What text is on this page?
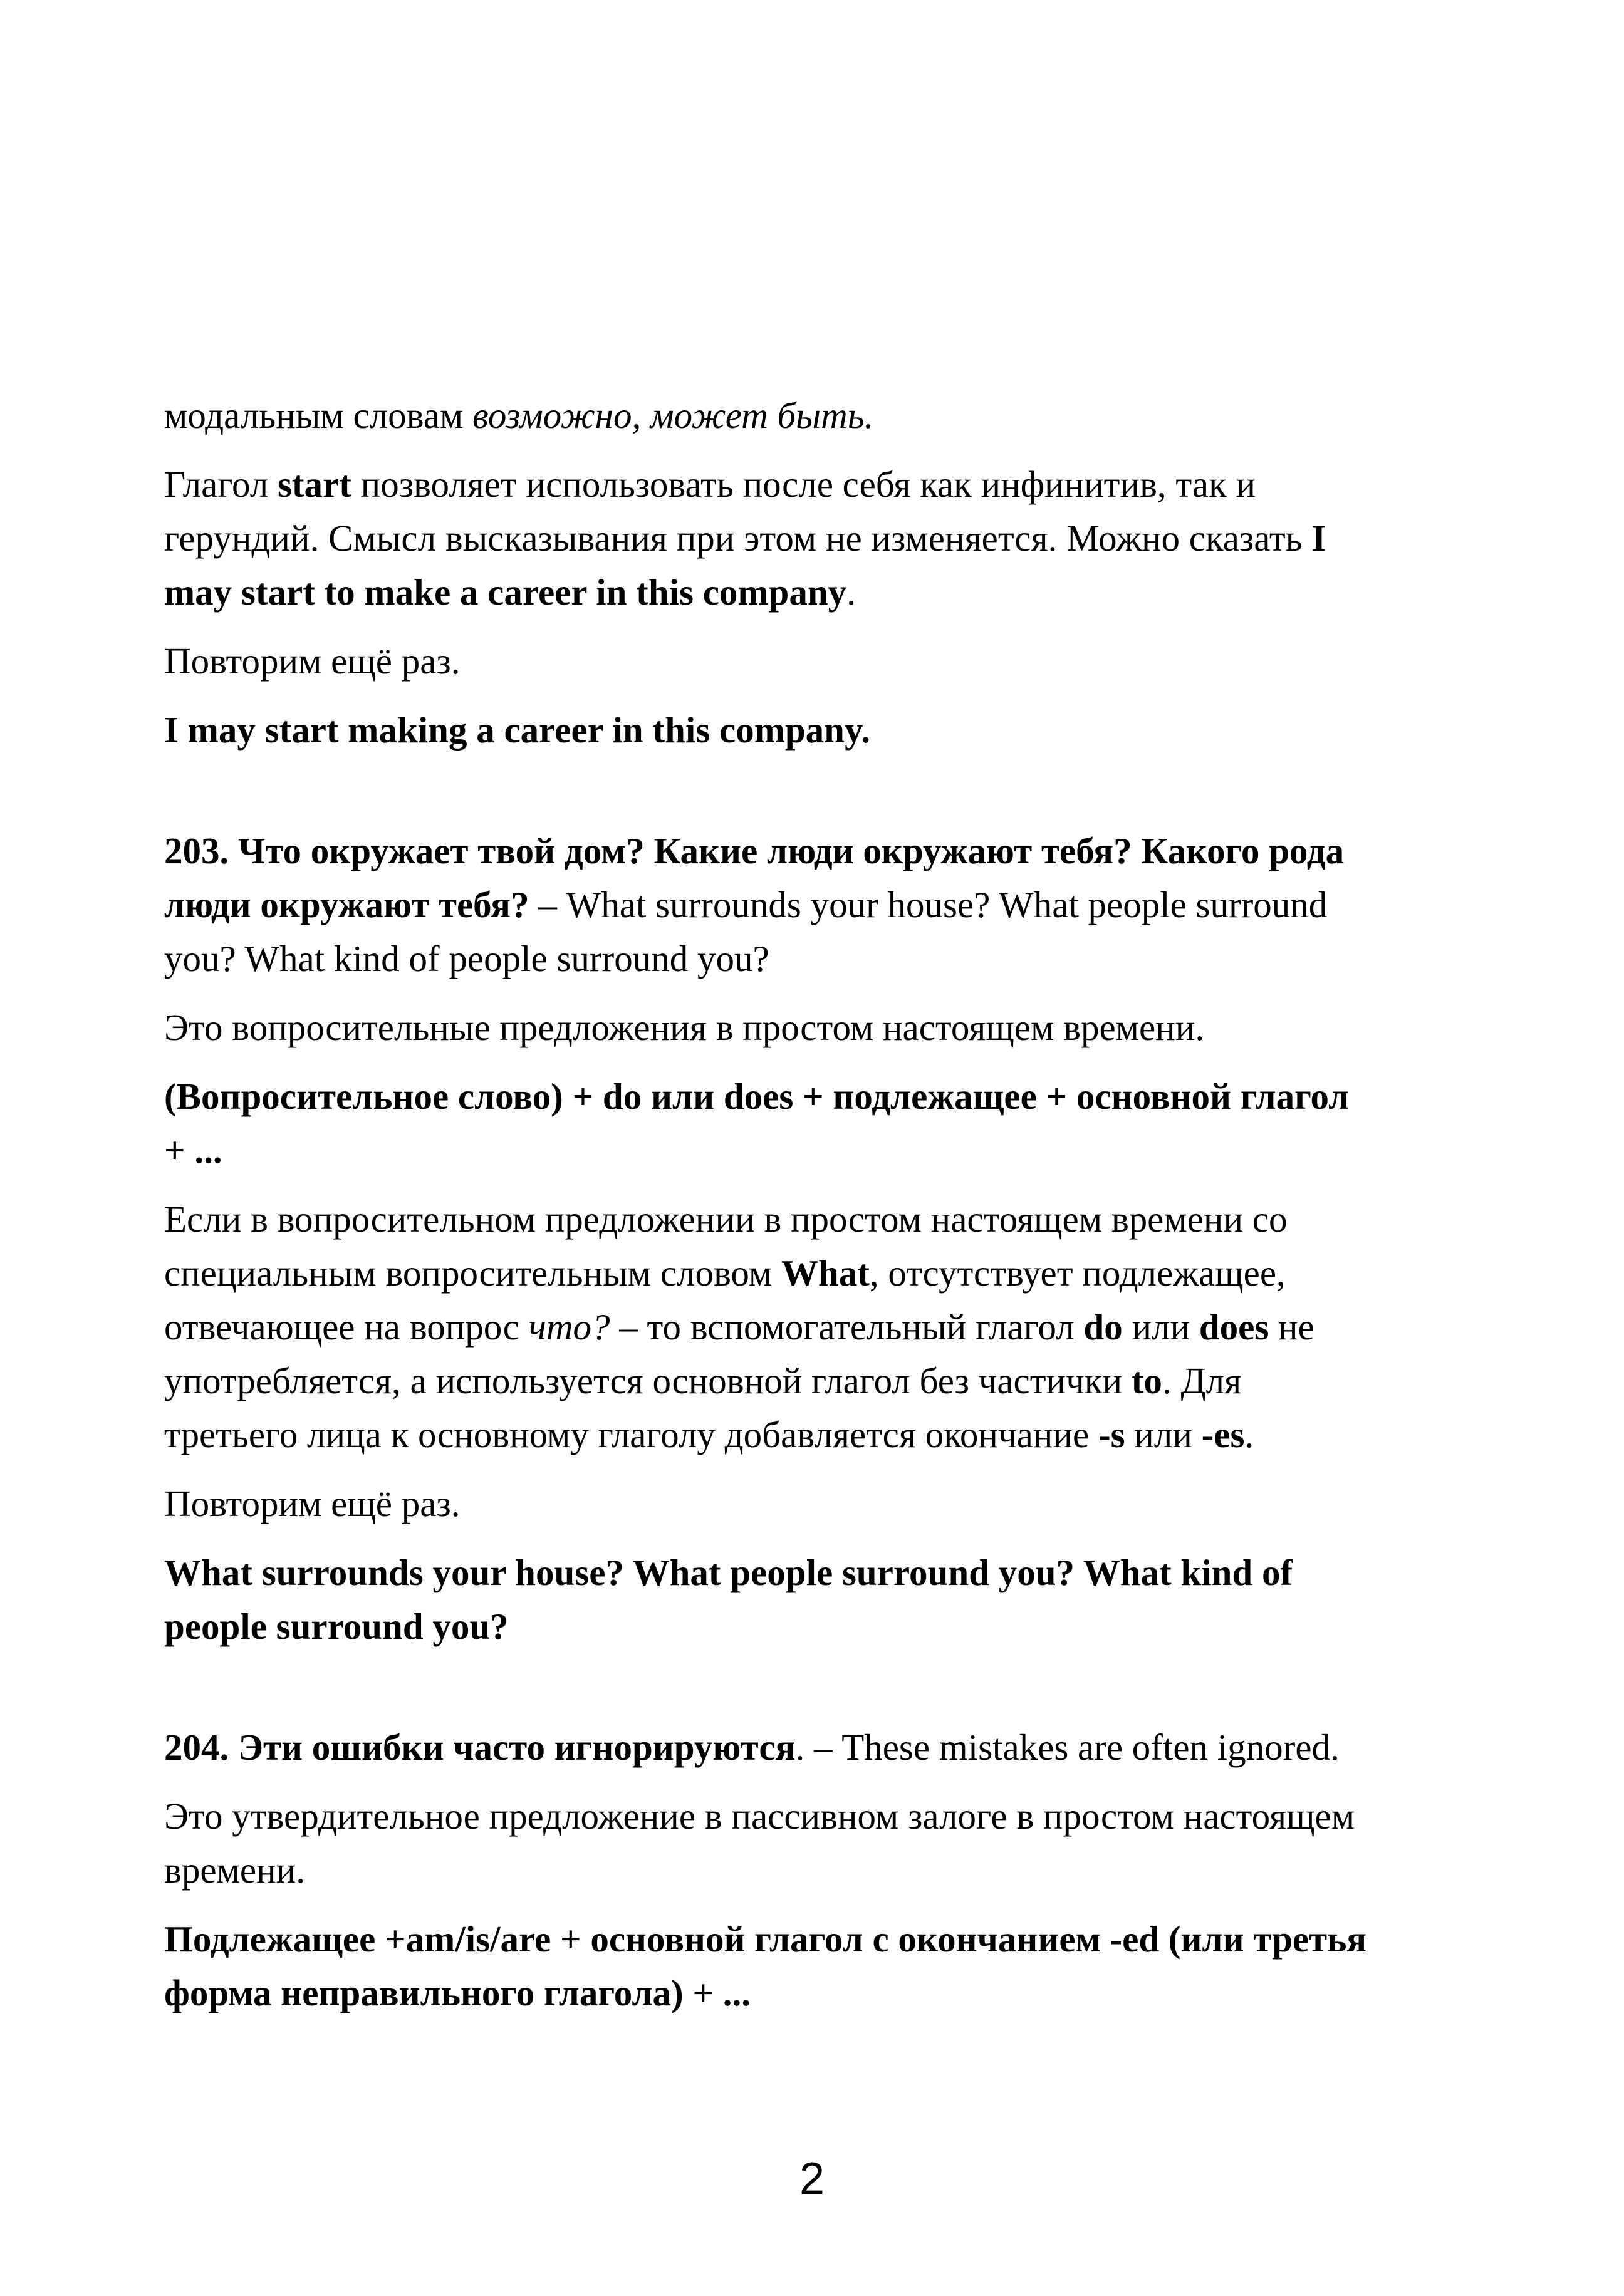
модальным словам возможно, может быть.

Глагол start позволяет использовать после себя как инфинитив, так и герундий. Смысл высказывания при этом не изменяется. Можно сказать I may start to make a career in this company.

Повторим ещё раз.

I may start making a career in this company.

203. Что окружает твой дом? Какие люди окружают тебя? Какого рода люди окружают тебя? – What surrounds your house? What people surround you? What kind of people surround you?

Это вопросительные предложения в простом настоящем времени.

(Вопросительное слово) + do или does + подлежащее + основной глагол + ...

Если в вопросительном предложении в простом настоящем времени со специальным вопросительным словом What, отсутствует подлежащее, отвечающее на вопрос что? – то вспомогательный глагол do или does не употребляется, а используется основной глагол без частички to. Для третьего лица к основному глаголу добавляется окончание -s или -es.

Повторим ещё раз.

What surrounds your house? What people surround you? What kind of people surround you?

204. Эти ошибки часто игнорируются. – These mistakes are often ignored.

Это утвердительное предложение в пассивном залоге в простом настоящем времени.

Подлежащее +am/is/are + основной глагол с окончанием -ed (или третья форма неправильного глагола) + ...

2
